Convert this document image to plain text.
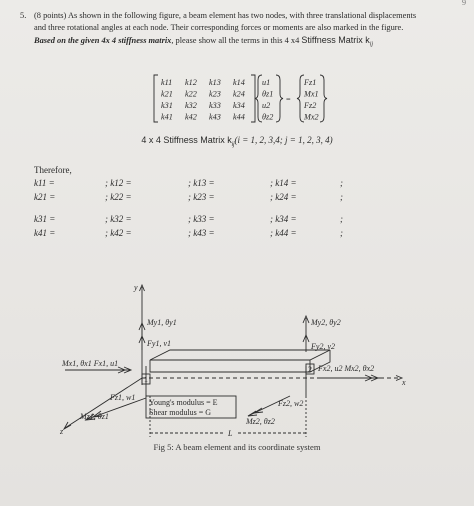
9
5. (8 points) As shown in the following figure, a beam element has two nodes, with three translational displacements
and three rotational angles at each node. Their corresponding forces or moments are also marked in the figure.
Based on the given 4x 4 stiffness matrix, please show all the terms in this 4 x4 Stiffness Matrix $k_{ij}$
k11 k12 k13 k14
k21 k22 k23 k24
k31 k32 k33 k34
k41 k42 k43 k44
u1
θz1
u2
θz2
=
Fz1
Mx1
Fz2
Mx2
4 x 4 Stiffness Matrix $k_{ij}(i = 1$, 2, 3,4; j = 1, 2, 3, 4)
Therefore,
k11 =	; k12 =	; k13 =	; k14 =	;
k21 =	; k22 =	; k23 =	; k24 =	;
k31 =	; k32 =	; k33 =	; k34 =	;
k41 =	; k42 =	; k43 =	; k44 =	;
y
x
z
My1, θy1
Fy1, v1
My2, θy2
Fy2, v2
Mx1, θx1 Fx1, u1
Fx2, u2 Mx2, θx2
1
2
Fz1, w1
Fz2, w2
Mz1, θz1
Mz2, θz2
Young's modulus = E
Shear modulus = G
L
Fig 5: A beam element and its coordinate system
